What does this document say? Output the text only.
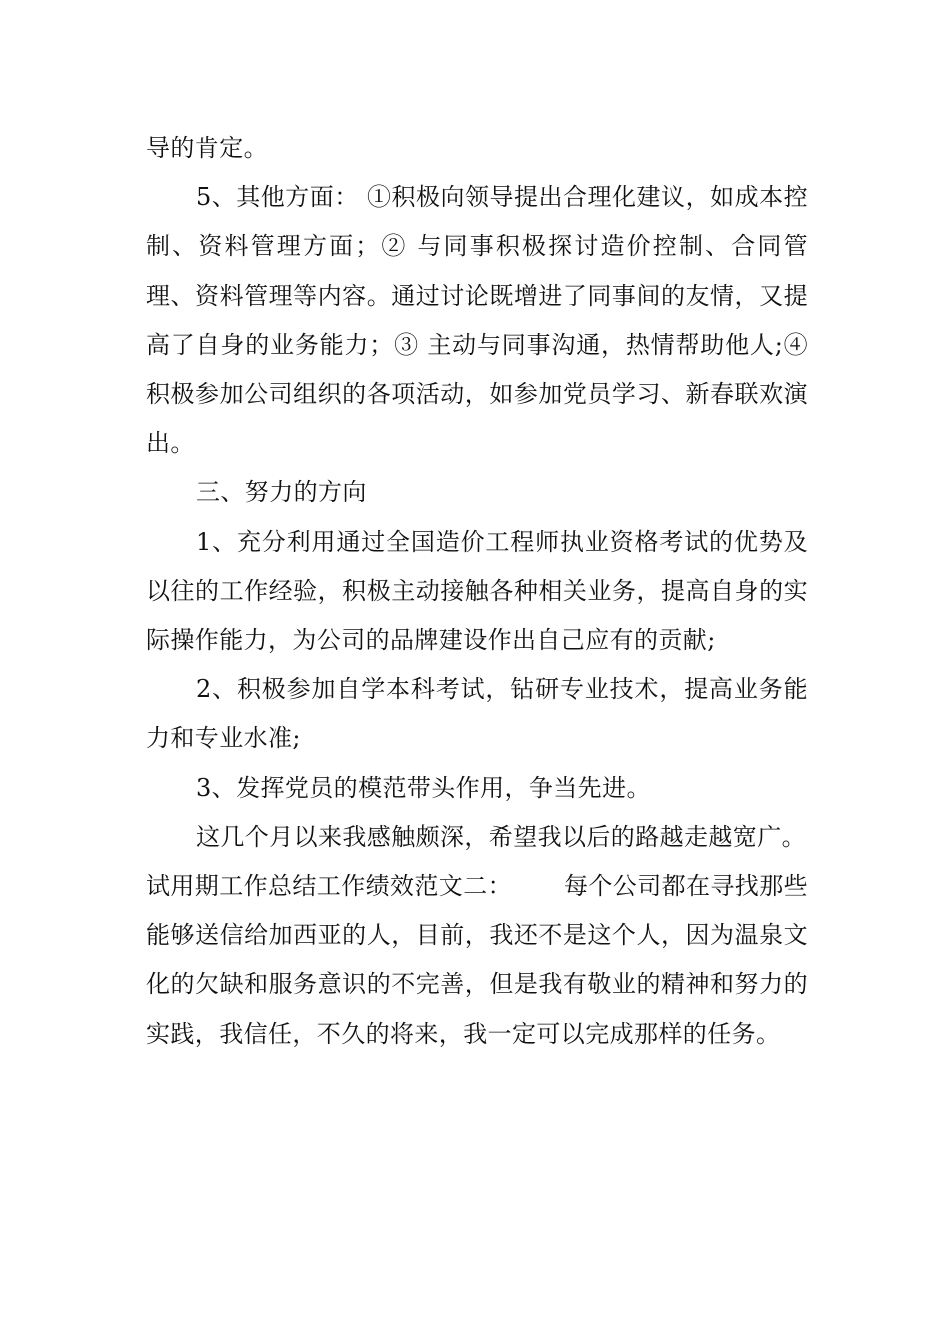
导的肯定。

5、其他方面： ①积极向领导提出合理化建议，如成本控制、资料管理方面；② 与同事积极探讨造价控制、合同管理、资料管理等内容。通过讨论既增进了同事间的友情，又提高了自身的业务能力；③ 主动与同事沟通，热情帮助他人;④ 积极参加公司组织的各项活动，如参加党员学习、新春联欢演出。

三、努力的方向

1、充分利用通过全国造价工程师执业资格考试的优势及以往的工作经验，积极主动接触各种相关业务，提高自身的实际操作能力，为公司的品牌建设作出自己应有的贡献;

2、积极参加自学本科考试，钻研专业技术，提高业务能力和专业水准;

3、发挥党员的模范带头作用，争当先进。

这几个月以来我感触颇深，希望我以后的路越走越宽广。

试用期工作总结工作绩效范文二： 每个公司都在寻找那些能够送信给加西亚的人，目前，我还不是这个人，因为温泉文化的欠缺和服务意识的不完善，但是我有敬业的精神和努力的实践，我信任，不久的将来，我一定可以完成那样的任务。
